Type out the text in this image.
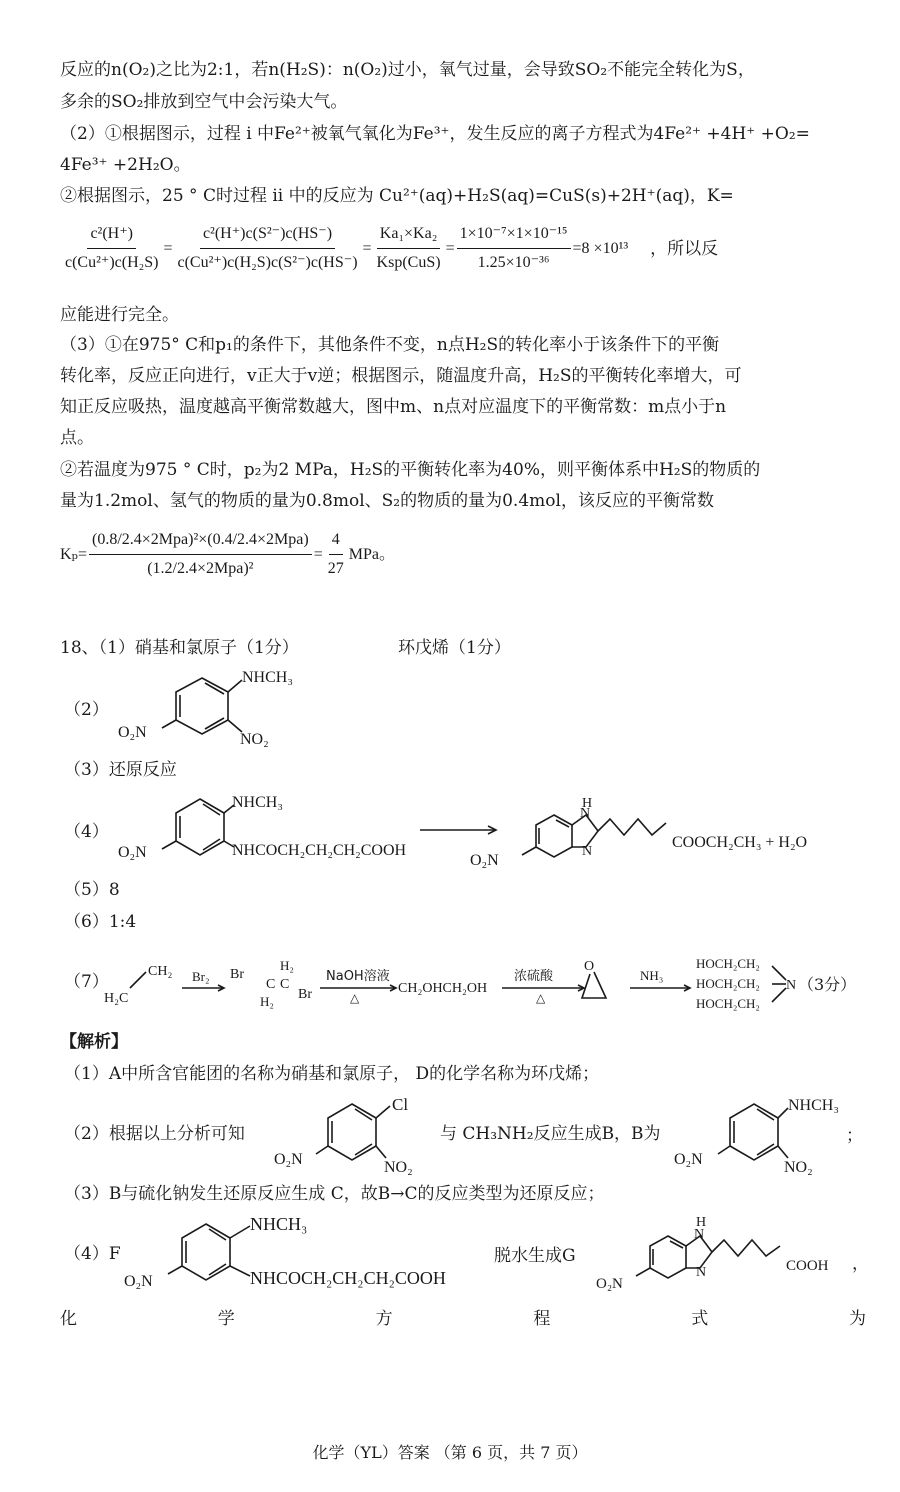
反应的n(O₂)之比为2:1，若n(H₂S)：n(O₂)过小，氧气过量，会导致SO₂不能完全转化为S，
多余的SO₂排放到空气中会污染大气。
（2）①根据图示，过程 i 中Fe²⁺被氧气氧化为Fe³⁺，发生反应的离子方程式为4Fe²⁺ +4H⁺ +O₂=
4Fe³⁺ +2H₂O。
②根据图示，25 ° C时过程 ii 中的反应为 Cu²⁺(aq)+H₂S(aq)=CuS(s)+2H⁺(aq)，K=
$\frac{\text{c²(H⁺)}}{\text{c(Cu²⁺)c(H₂S)}} = \frac{\text{c²(H⁺)c(S²⁻)c(HS⁻)}}{\text{c(Cu²⁺)c(H₂S)c(S²⁻)c(HS⁻)}} = \frac{\text{Ka₁×Ka₂}}{\text{Ksp(CuS)}} = \frac{\text{1×10⁻⁷×1×10⁻¹⁵}}{\text{1.25×10⁻³⁶}} =8 \times 10^{13}$ ，所以反
应能进行完全。
（3）①在975° C和p₁的条件下，其他条件不变，n点H₂S的转化率小于该条件下的平衡
转化率，反应正向进行，v正大于v逆；根据图示，随温度升高，H₂S的平衡转化率增大，可
知正反应吸热，温度越高平衡常数越大，图中m、n点对应温度下的平衡常数：m点小于n
点。
②若温度为975 ° C时，p₂为2 MPa，H₂S的平衡转化率为40%，则平衡体系中H₂S的物质的
量为1.2mol、氢气的物质的量为0.8mol、S₂的物质的量为0.4mol，该反应的平衡常数
$K_p= \frac{\text{(0.8/2.4×2Mpa)²×(0.4/2.4×2Mpa)}}{\text{(1.2/2.4×2Mpa)²}} = \frac{4}{27}$ MPa。
18、（1）硝基和氯原子（1分）	环戊烯（1分）
（2）
NHCH₃
NO₂
O₂N
（3）还原反应
（4）
NHCH₃
NHCOCH₂CH₂CH₂COOH
O₂N
H
N
N
O₂N
COOCH₂CH₃ + H₂O
（5）8
（6）1:4
（7）
CH₂
H₂C
Br₂ Br
H₂
C C
Br
H₂
NaOH溶液
△
CH₂OHCH₂OH
浓硫酸
△
O
NH₃
HOCH₂CH₂
HOCH₂CH₂
HOCH₂CH₂
N （3分）
【解析】
（1）A中所含官能团的名称为硝基和氯原子， D的化学名称为环戊烯；
（2）根据以上分析可知
Cl
NO₂
O₂N
与 CH₃NH₂反应生成B，B为
NHCH₃
NO₂
O₂N
；
（3）B与硫化钠发生还原反应生成 C，故B→C的反应类型为还原反应；
（4）F
NHCH₃
NHCOCH₂CH₂CH₂COOH
O₂N
脱水生成G
H
N
N
O₂N
COOH ，
化	学	方	程	式	为
化学（YL）答案 （第 6 页，共 7 页）
